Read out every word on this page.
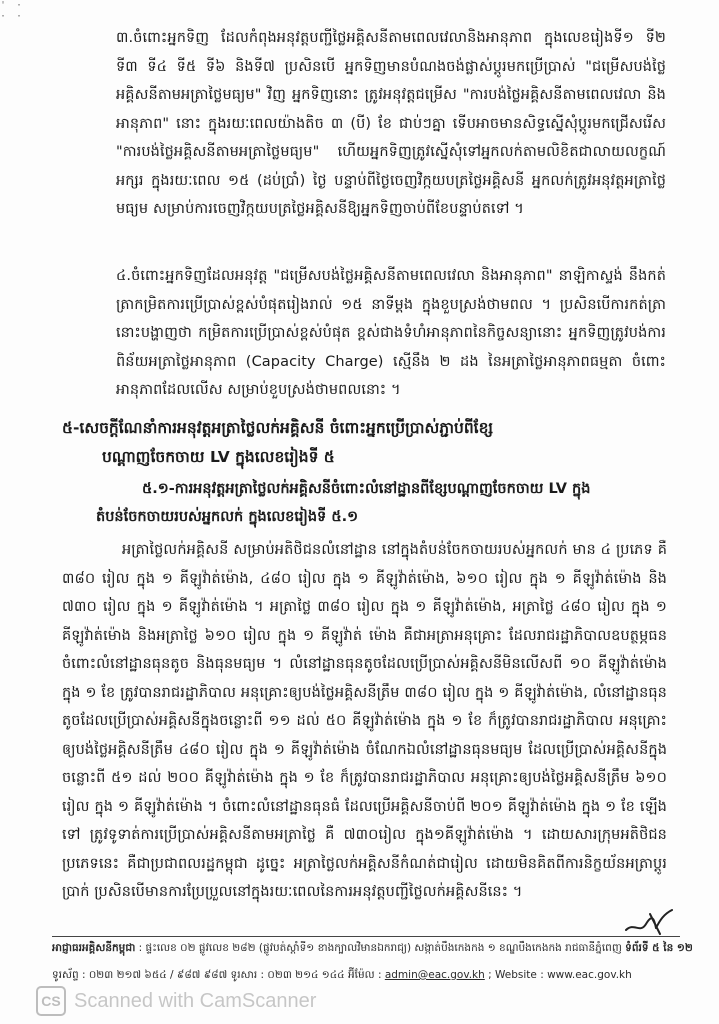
' · · ·

៣.ចំពោះអ្នកទិញ ដែលកំពុងអនុវត្តបញ្ជីថ្លៃអគ្គិសនីតាមពេលវេលានិងអានុភាព ក្នុងលេខរៀងទី១ ទី២ ទី៣ ទី៤ ទី៥ ទី៦ និងទី៧ ប្រសិនបើ អ្នកទិញមានបំណងចង់ផ្លាស់ប្តូរមកប្រើប្រាស់ "ជម្រើសបង់ថ្លៃអគ្គិសនីតាមអត្រាថ្លៃមធ្យម" វិញ អ្នកទិញនោះ ត្រូវអនុវត្តជម្រើស "ការបង់ថ្លៃអគ្គិសនីតាមពេលវេលា និងអានុភាព" នោះ ក្នុងរយៈពេលយ៉ាងតិច ៣ (បី) ខែ ជាប់ៗគ្នា ទើបអាចមានសិទ្ធស្នើសុំប្តូរមកជ្រើសរើស "ការបង់ថ្លៃអគ្គិសនីតាមអត្រាថ្លៃមធ្យម" ហើយអ្នកទិញត្រូវស្នើសុំទៅអ្នកលក់តាមលិខិតជាលាយលក្ខណ៍អក្សរ ក្នុងរយៈពេល ១៥ (ដប់ប្រាំ) ថ្ងៃ បន្ទាប់ពីថ្ងៃចេញវិក្កយបត្រថ្លៃអគ្គិសនី អ្នកលក់ត្រូវអនុវត្តអត្រាថ្លៃមធ្យម សម្រាប់ការចេញវិក្កយបត្រថ្លៃអគ្គិសនីឱ្យអ្នកទិញចាប់ពីខែបន្ទាប់តទៅ ។

៤.ចំពោះអ្នកទិញដែលអនុវត្ត "ជម្រើសបង់ថ្លៃអគ្គិសនីតាមពេលវេលា និងអានុភាព" នាឡិកាស្ទង់ នឹងកត់ត្រាកម្រិតការប្រើប្រាស់ខ្ពស់បំផុតរៀងរាល់ ១៥ នាទីម្តង ក្នុងខួបស្រង់ថាមពល ។ ប្រសិនបើការកត់ត្រានោះបង្ហាញថា កម្រិតការប្រើប្រាស់ខ្ពស់បំផុត ខ្ពស់ជាងទំហំអានុភាពនៃកិច្ចសន្យានោះ អ្នកទិញត្រូវបង់ការពិន័យអត្រាថ្លៃអានុភាព (Capacity Charge) ស្មើនឹង ២ ដង នៃអត្រាថ្លៃអានុភាពធម្មតា ចំពោះអានុភាពដែលលើស សម្រាប់ខួបស្រង់ថាមពលនោះ ។

៥-សេចក្តីណែនាំការអនុវត្តអត្រាថ្លៃលក់អគ្គិសនី ចំពោះអ្នកប្រើប្រាស់ភ្ជាប់ពីខ្សែ
បណ្តាញចែកចាយ LV ក្នុងលេខរៀងទី ៥
៥.១-ការអនុវត្តអត្រាថ្លៃលក់អគ្គិសនីចំពោះលំនៅដ្ឋានពីខ្សែបណ្តាញចែកចាយ LV ក្នុងតំបន់ចែកចាយរបស់អ្នកលក់ ក្នុងលេខរៀងទី ៥.១

អត្រាថ្លៃលក់អគ្គិសនី សម្រាប់អតិថិជនលំនៅដ្ឋាន នៅក្នុងតំបន់ចែកចាយរបស់អ្នកលក់ មាន ៤ ប្រភេទ គឺ ៣៨០ រៀល ក្នុង ១ គីឡូវ៉ាត់ម៉ោង, ៤៨០ រៀល ក្នុង ១ គីឡូវ៉ាត់ម៉ោង, ៦១០ រៀល ក្នុង ១ គីឡូវ៉ាត់ម៉ោង និង ៧៣០ រៀល ក្នុង ១ គីឡូវ៉ាត់ម៉ោង ។ អត្រាថ្លៃ ៣៨០ រៀល ក្នុង ១ គីឡូវ៉ាត់ម៉ោង, អត្រាថ្លៃ ៤៨០ រៀល ក្នុង ១ គីឡូវ៉ាត់ម៉ោង និងអត្រាថ្លៃ ៦១០ រៀល ក្នុង ១ គីឡូវ៉ាត់ ម៉ោង គឺជាអត្រាអនុគ្រោះ ដែលរាជរដ្ឋាភិបាលឧបត្ថម្ភធនចំពោះលំនៅដ្ឋានធុនតូច និងធុនមធ្យម ។ លំនៅដ្ឋានធុនតូចដែលប្រើប្រាស់អគ្គិសនីមិនលើសពី ១០ គីឡូវ៉ាត់ម៉ោង ក្នុង ១ ខែ ត្រូវបានរាជរដ្ឋាភិបាល អនុគ្រោះឲ្យបង់ថ្លៃអគ្គិសនីត្រឹម ៣៨០ រៀល ក្នុង ១ គីឡូវ៉ាត់ម៉ោង, លំនៅដ្ឋានធុនតូចដែលប្រើប្រាស់អគ្គិសនីក្នុងចន្លោះពី ១១ ដល់ ៥០ គីឡូវ៉ាត់ម៉ោង ក្នុង ១ ខែ ក៏ត្រូវបានរាជរដ្ឋាភិបាល អនុគ្រោះឲ្យបង់ថ្លៃអគ្គិសនីត្រឹម ៤៨០ រៀល ក្នុង ១ គីឡូវ៉ាត់ម៉ោង ចំណែកឯលំនៅដ្ឋានធុនមធ្យម ដែលប្រើប្រាស់អគ្គិសនីក្នុងចន្លោះពី ៥១ ដល់ ២០០ គីឡូវ៉ាត់ម៉ោង ក្នុង ១ ខែ ក៏ត្រូវបានរាជរដ្ឋាភិបាល អនុគ្រោះឲ្យបង់ថ្លៃអគ្គិសនីត្រឹម ៦១០ រៀល ក្នុង ១ គីឡូវ៉ាត់ម៉ោង ។ ចំពោះលំនៅដ្ឋានធុនធំ ដែលប្រើអគ្គិសនីចាប់ពី ២០១ គីឡូវ៉ាត់ម៉ោង ក្នុង ១ ខែ ឡើងទៅ ត្រូវទូទាត់ការប្រើប្រាស់អគ្គិសនីតាមអត្រាថ្លៃ គឺ ៧៣០រៀល ក្នុង១គីឡូវ៉ាត់ម៉ោង ។ ដោយសារក្រុមអតិថិជនប្រភេទនេះ គឺជាប្រជាពលរដ្ឋកម្ពុជា ដូច្នេះ អត្រាថ្លៃលក់អគ្គិសនីកំណត់ជារៀល ដោយមិនគិតពីការនិក្ខយ័នអត្រាប្តូរប្រាក់ ប្រសិនបើមានការប្រែប្រួលនៅក្នុងរយៈពេលនៃការអនុវត្តបញ្ជីថ្លៃលក់អគ្គិសនីនេះ ។

អាជ្ញាធរអគ្គិសនីកម្ពុជា : ផ្ទះលេខ ០២ ផ្លូវលេខ ២៨២ (ផ្លូវបត់ស្តាំទី១ ខាងក្បាលវិមានឯករាជ្យ) សង្កាត់បឹងកេងកង ១ ខណ្ឌបឹងកេងកង រាជធានីភ្នំពេញ ទំព័រទី ៥ នៃ ១២
ទូរស័ព្ទ : ០២៣ ២១៧ ៦៥៤ / ៩៨៧ ៩៨៧ ទូរសារ : ០២៣ ២១៤ ១៤៤ អ៊ីម៉ែល : admin@eac.gov.kh ; Website : www.eac.gov.kh
CS Scanned with CamScanner
